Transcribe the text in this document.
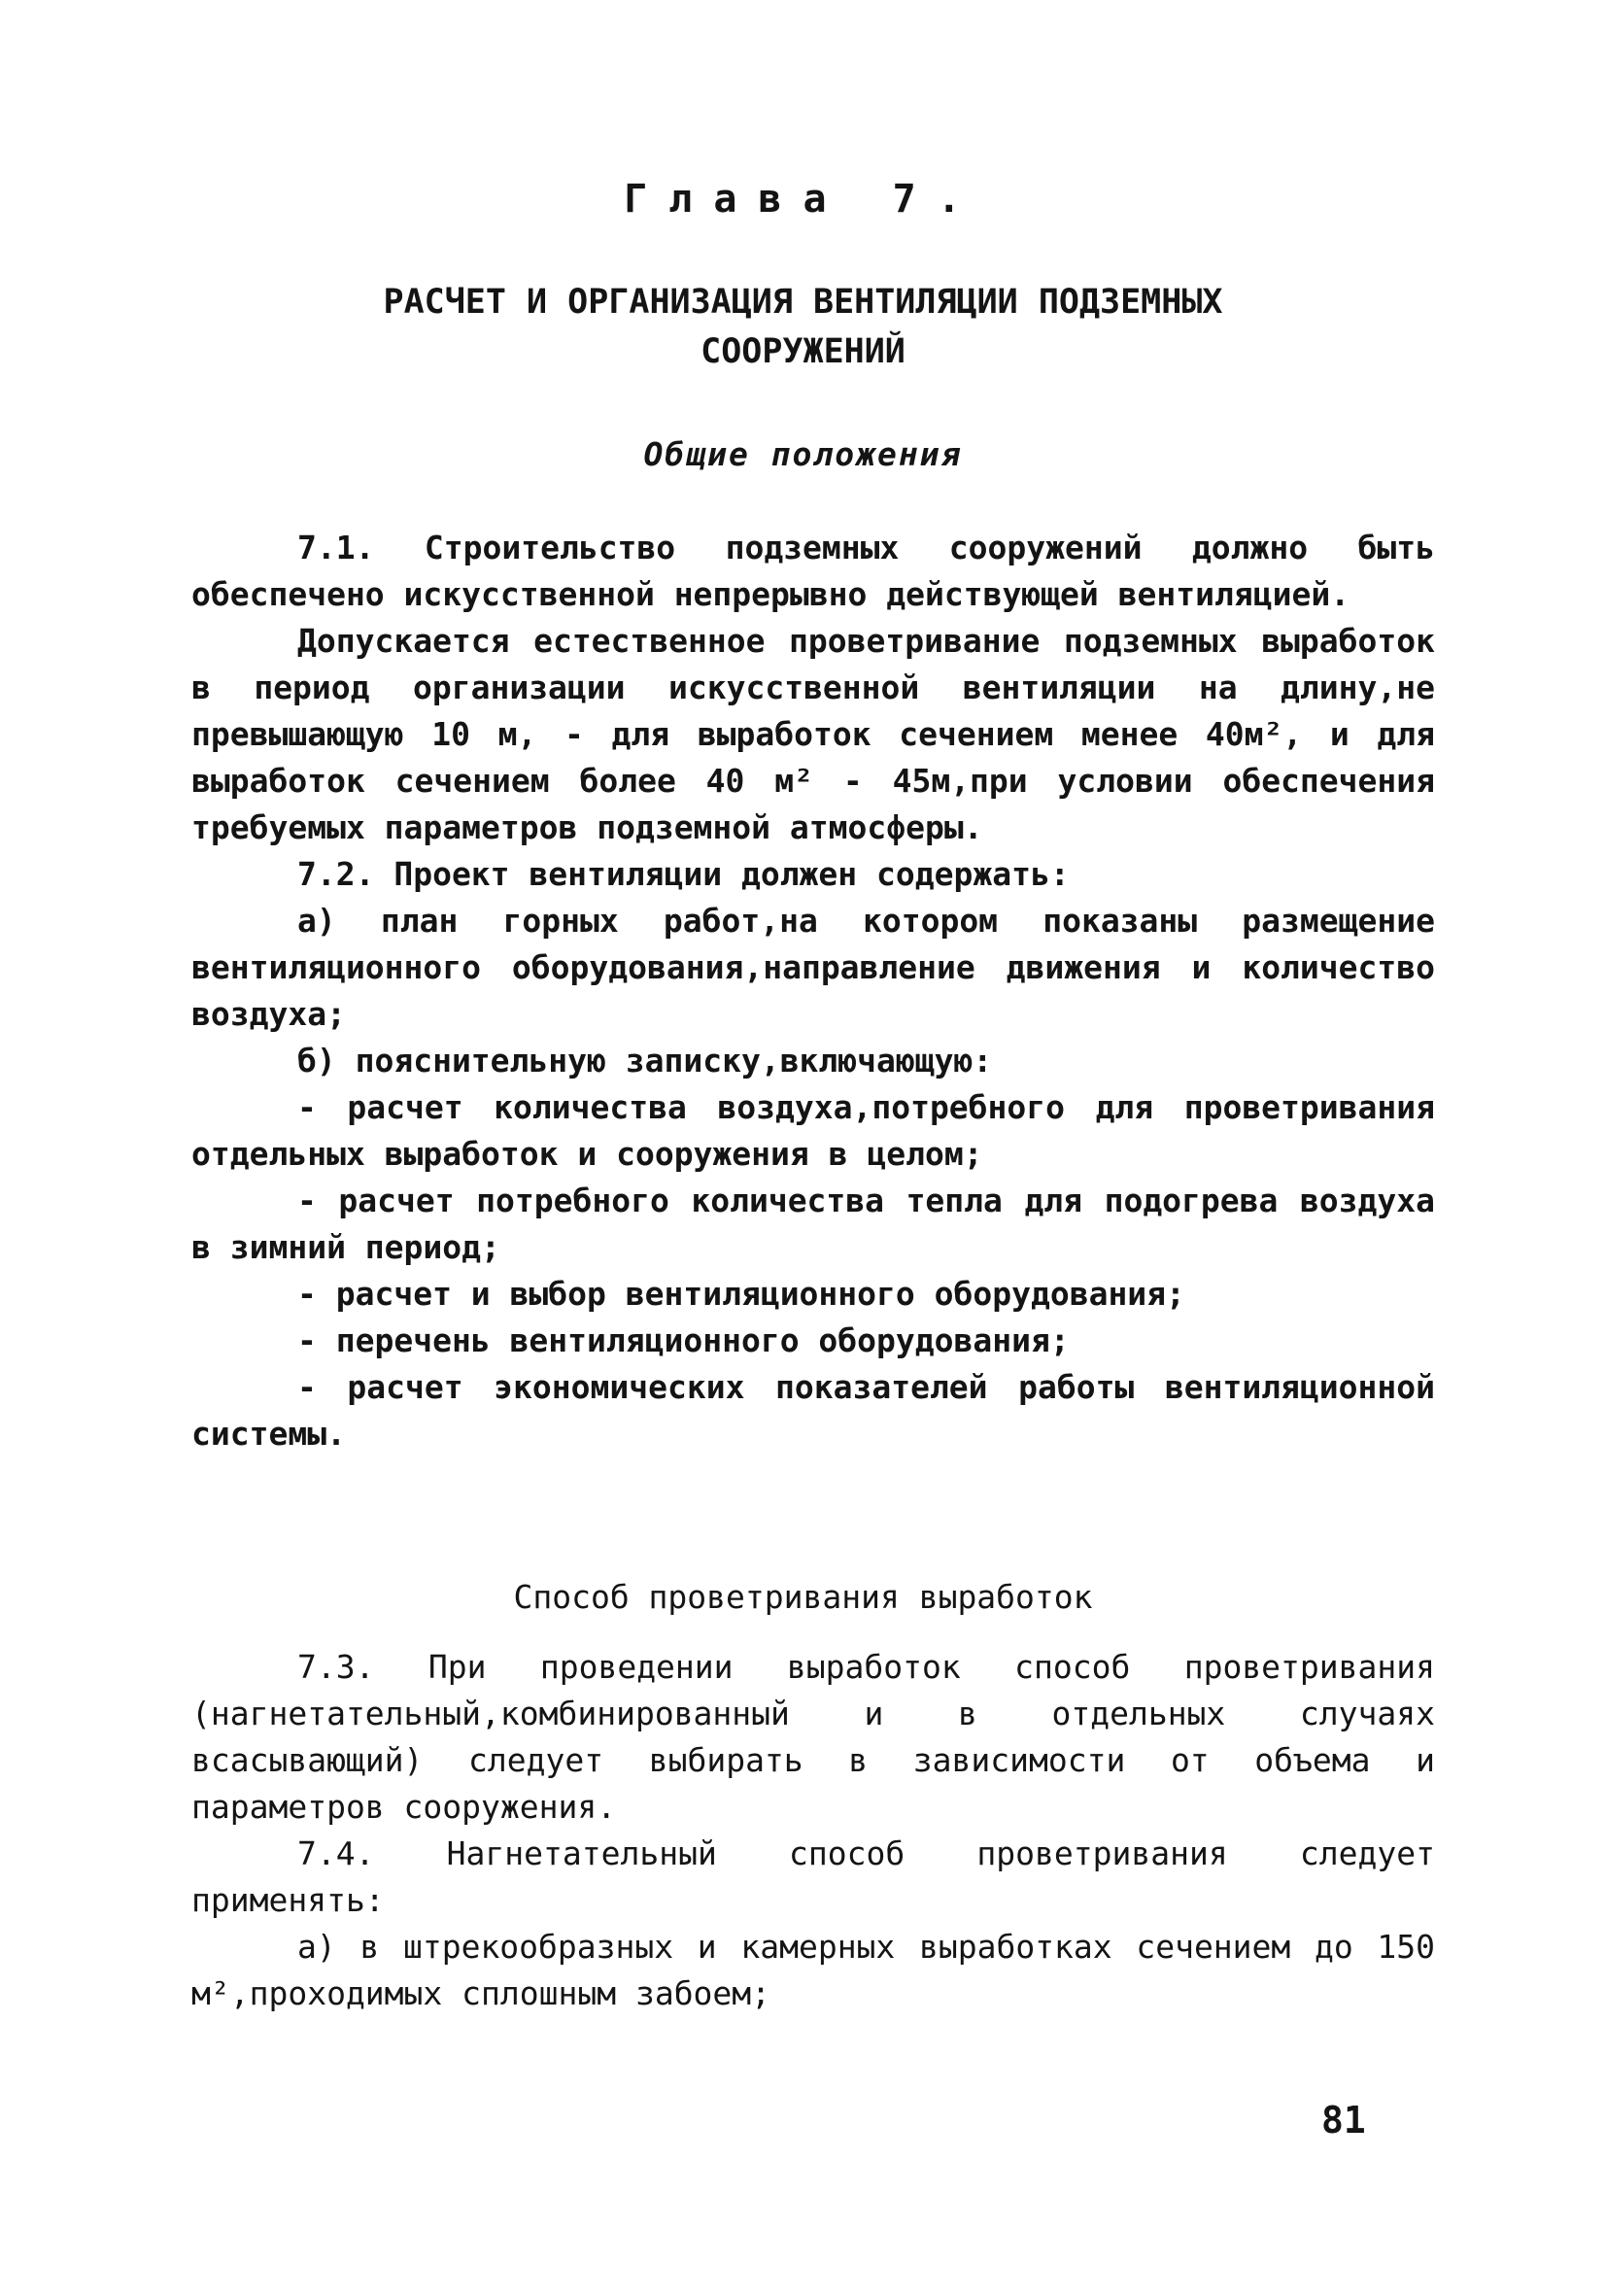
Глава 7.
РАСЧЕТ И ОРГАНИЗАЦИЯ ВЕНТИЛЯЦИИ ПОДЗЕМНЫХ
СООРУЖЕНИЙ
Общие положения
7.1. Строительство подземных сооружений должно быть обеспечено искусственной непрерывно действующей вентиляцией.
Допускается естественное проветривание подземных выработок в период организации искусственной вентиляции на длину,не превышающую 10 м, - для выработок сечением менее 40м², и для выработок сечением более 40 м² - 45м,при условии обеспечения требуемых параметров подземной атмосферы.
7.2. Проект вентиляции должен содержать:
а) план горных работ,на котором показаны размещение вентиляционного оборудования,направление движения и количество воздуха;
б) пояснительную записку,включающую:
- расчет количества воздуха,потребного для проветривания отдельных выработок и сооружения в целом;
- расчет потребного количества тепла для подогрева воздуха в зимний период;
- расчет и выбор вентиляционного оборудования;
- перечень вентиляционного оборудования;
- расчет экономических показателей работы вентиляционной системы.
Способ проветривания выработок
7.3. При проведении выработок способ проветривания (нагнетательный,комбинированный и в отдельных случаях всасывающий) следует выбирать в зависимости от объема и параметров сооружения.
7.4. Нагнетательный способ проветривания следует применять:
а) в штрекообразных и камерных выработках сечением до 150 м²,проходимых сплошным забоем;
81
